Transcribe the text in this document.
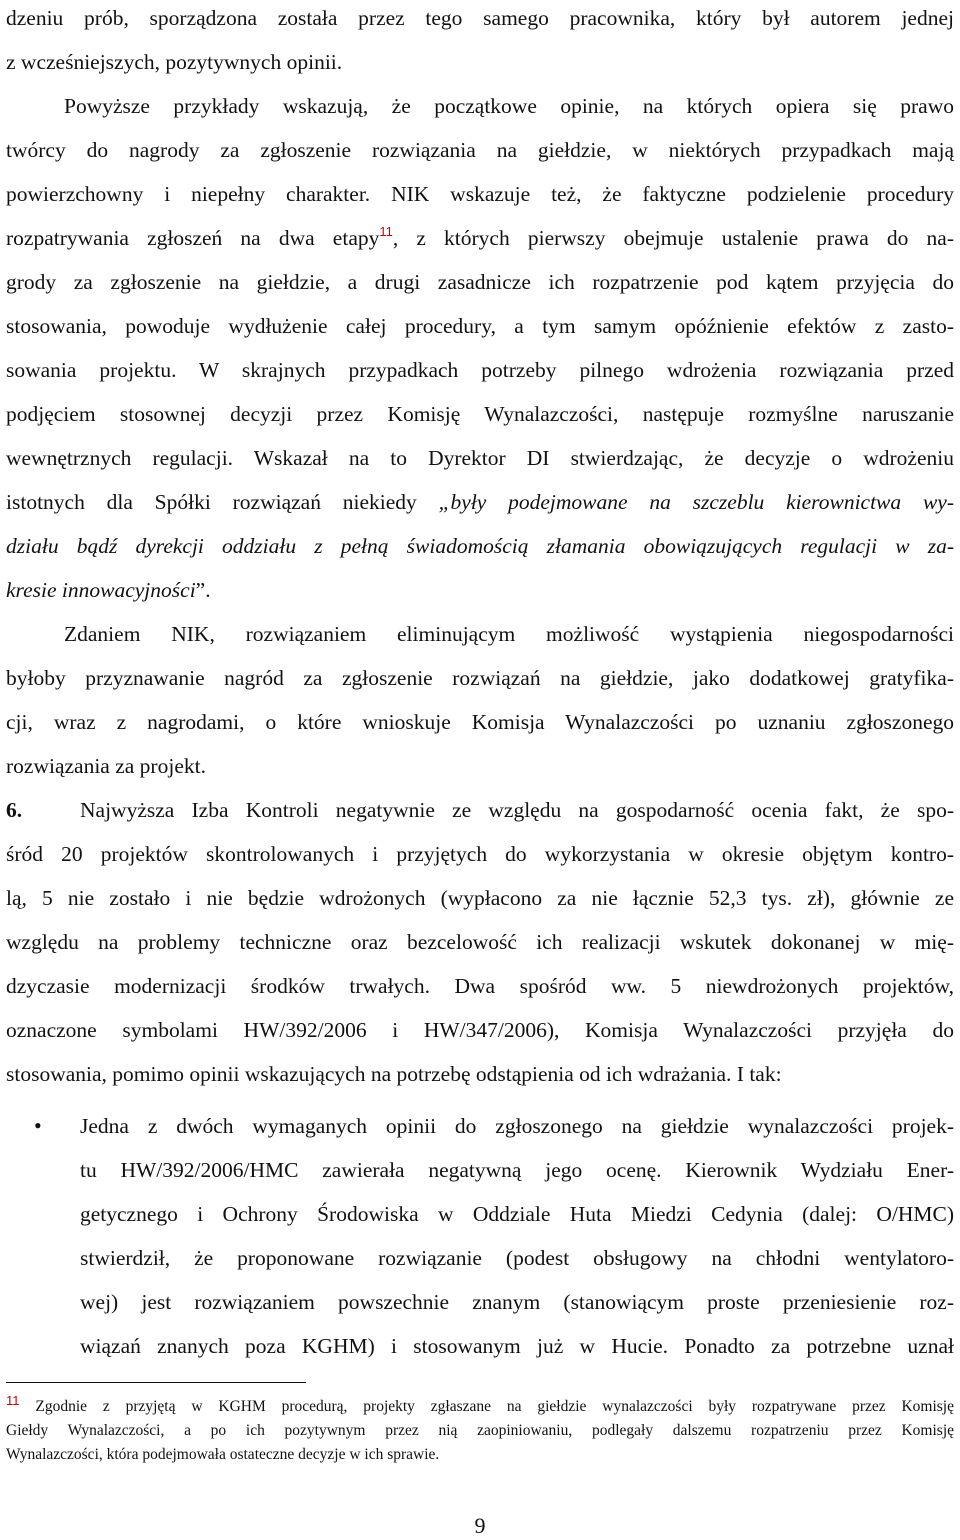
dzeniu prób, sporządzona została przez tego samego pracownika, który był autorem jednej
z wcześniejszych, pozytywnych opinii.
Powyższe przykłady wskazują, że początkowe opinie, na których opiera się prawo
twórcy do nagrody za zgłoszenie rozwiązania na giełdzie, w niektórych przypadkach mają
powierzchowny i niepełny charakter. NIK wskazuje też, że faktyczne podzielenie procedury
rozpatrywania zgłoszeń na dwa etapy$^{11}$, z których pierwszy obejmuje ustalenie prawa do na-
grody za zgłoszenie na giełdzie, a drugi zasadnicze ich rozpatrzenie pod kątem przyjęcia do
stosowania, powoduje wydłużenie całej procedury, a tym samym opóźnienie efektów z zasto-
sowania projektu. W skrajnych przypadkach potrzeby pilnego wdrożenia rozwiązania przed
podjęciem stosownej decyzji przez Komisję Wynalazczości, następuje rozmyślne naruszanie
wewnętrznych regulacji. Wskazał na to Dyrektor DI stwierdzając, że decyzje o wdrożeniu
istotnych dla Spółki rozwiązań niekiedy „były podejmowane na szczeblu kierownictwa wy-
działu bądź dyrekcji oddziału z pełną świadomością złamania obowiązujących regulacji w za-
kresie innowacyjności”.
Zdaniem NIK, rozwiązaniem eliminującym możliwość wystąpienia niegospodarności
byłoby przyznawanie nagród za zgłoszenie rozwiązań na giełdzie, jako dodatkowej gratyfika-
cji, wraz z nagrodami, o które wnioskuje Komisja Wynalazczości po uznaniu zgłoszonego
rozwiązania za projekt.
6.	Najwyższa Izba Kontroli negatywnie ze względu na gospodarność ocenia fakt, że spo-
śród 20 projektów skontrolowanych i przyjętych do wykorzystania w okresie objętym kontro-
lą, 5 nie zostało i nie będzie wdrożonych (wypłacono za nie łącznie 52,3 tys. zł), głównie ze
względu na problemy techniczne oraz bezcelowość ich realizacji wskutek dokonanej w mię-
dzyczasie modernizacji środków trwałych. Dwa spośród ww. 5 niewdrożonych projektów,
oznaczone symbolami HW/392/2006 i HW/347/2006), Komisja Wynalazczości przyjęła do
stosowania, pomimo opinii wskazujących na potrzebę odstąpienia od ich wdrażania. I tak:
• Jedna z dwóch wymaganych opinii do zgłoszonego na giełdzie wynalazczości projek-
tu HW/392/2006/HMC zawierała negatywną jego ocenę. Kierownik Wydziału Ener-
getycznego i Ochrony Środowiska w Oddziale Huta Miedzi Cedynia (dalej: O/HMC)
stwierdził, że proponowane rozwiązanie (podest obsługowy na chłodni wentylatoro-
wej) jest rozwiązaniem powszechnie znanym (stanowiącym proste przeniesienie roz-
wiązań znanych poza KGHM) i stosowanym już w Hucie. Ponadto za potrzebne uznał
$^{11}$ Zgodnie z przyjętą w KGHM procedurą, projekty zgłaszane na giełdzie wynalazczości były rozpatrywane przez Komisję
Giełdy Wynalazczości, a po ich pozytywnym przez nią zaopiniowaniu, podlegały dalszemu rozpatrzeniu przez Komisję
Wynalazczości, która podejmowała ostateczne decyzje w ich sprawie.
9
